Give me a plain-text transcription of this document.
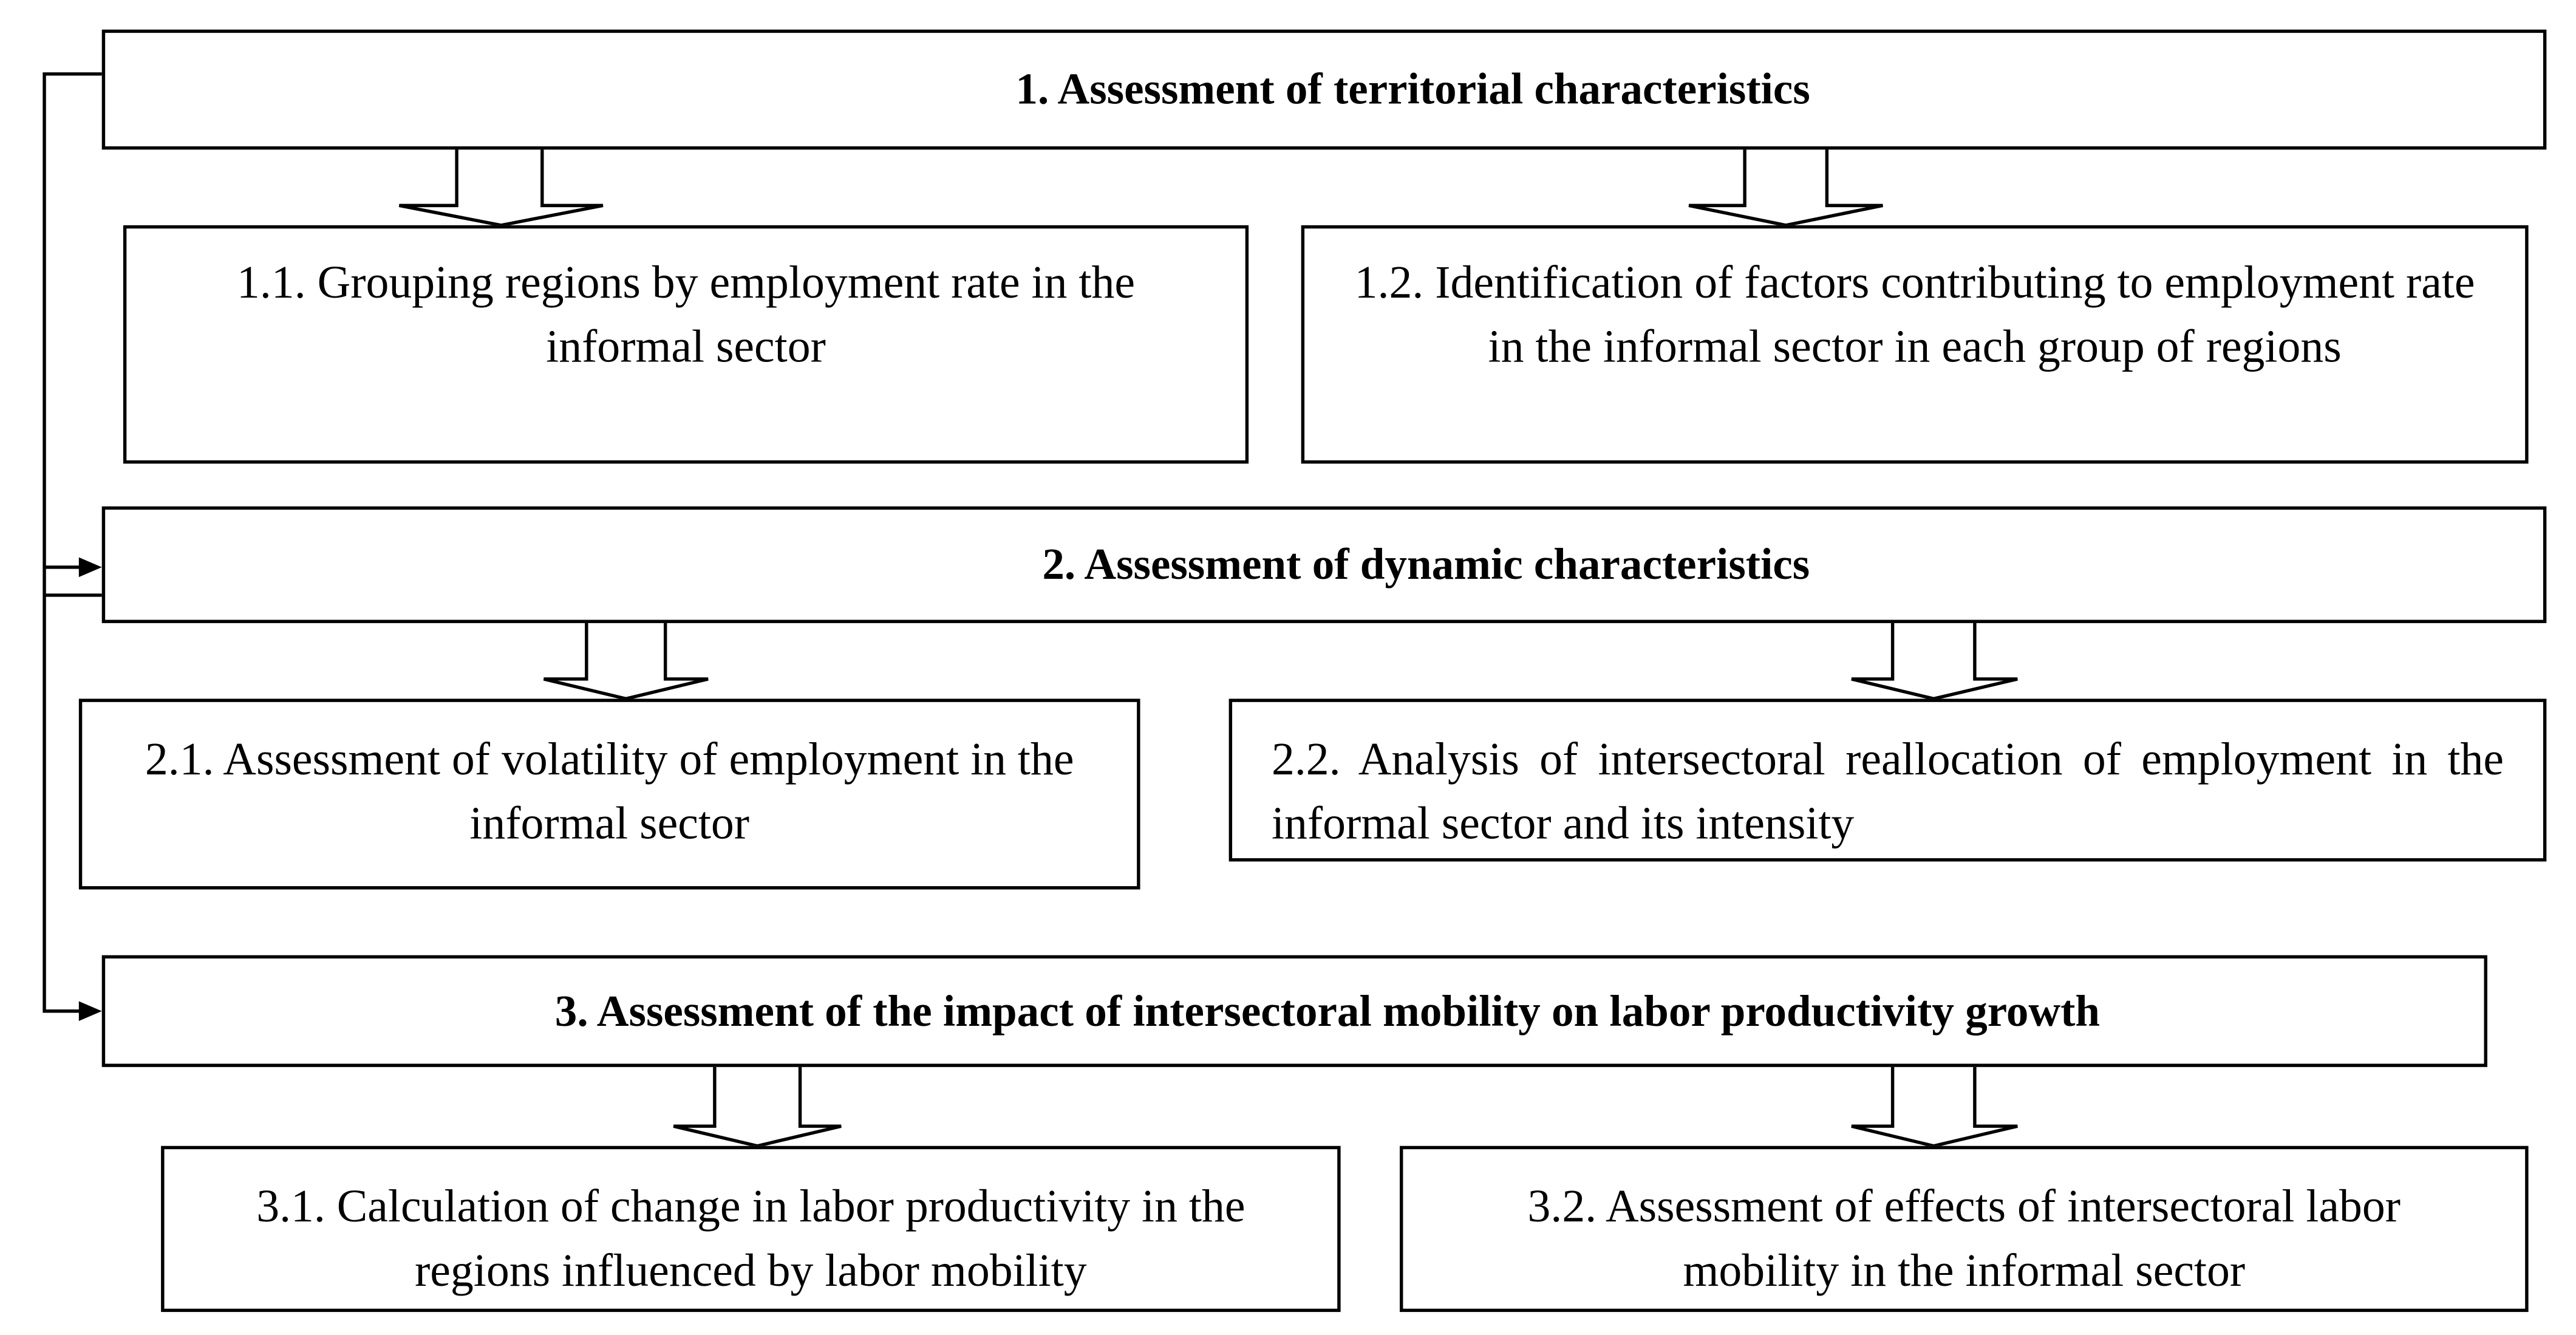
1. Assessment of territorial characteristics
1.1. Grouping regions by employment rate in the informal sector
1.2. Identification of factors contributing to employment rate in the informal sector in each group of regions
2. Assessment of dynamic characteristics
2.1. Assessment of volatility of employment in the informal sector
2.2. Analysis of intersectoral reallocation of employment in the informal sector and its intensity
3. Assessment of the impact of intersectoral mobility on labor productivity growth
3.1. Calculation of change in labor productivity in the regions influenced by labor mobility
3.2. Assessment of effects of intersectoral labor mobility in the informal sector
